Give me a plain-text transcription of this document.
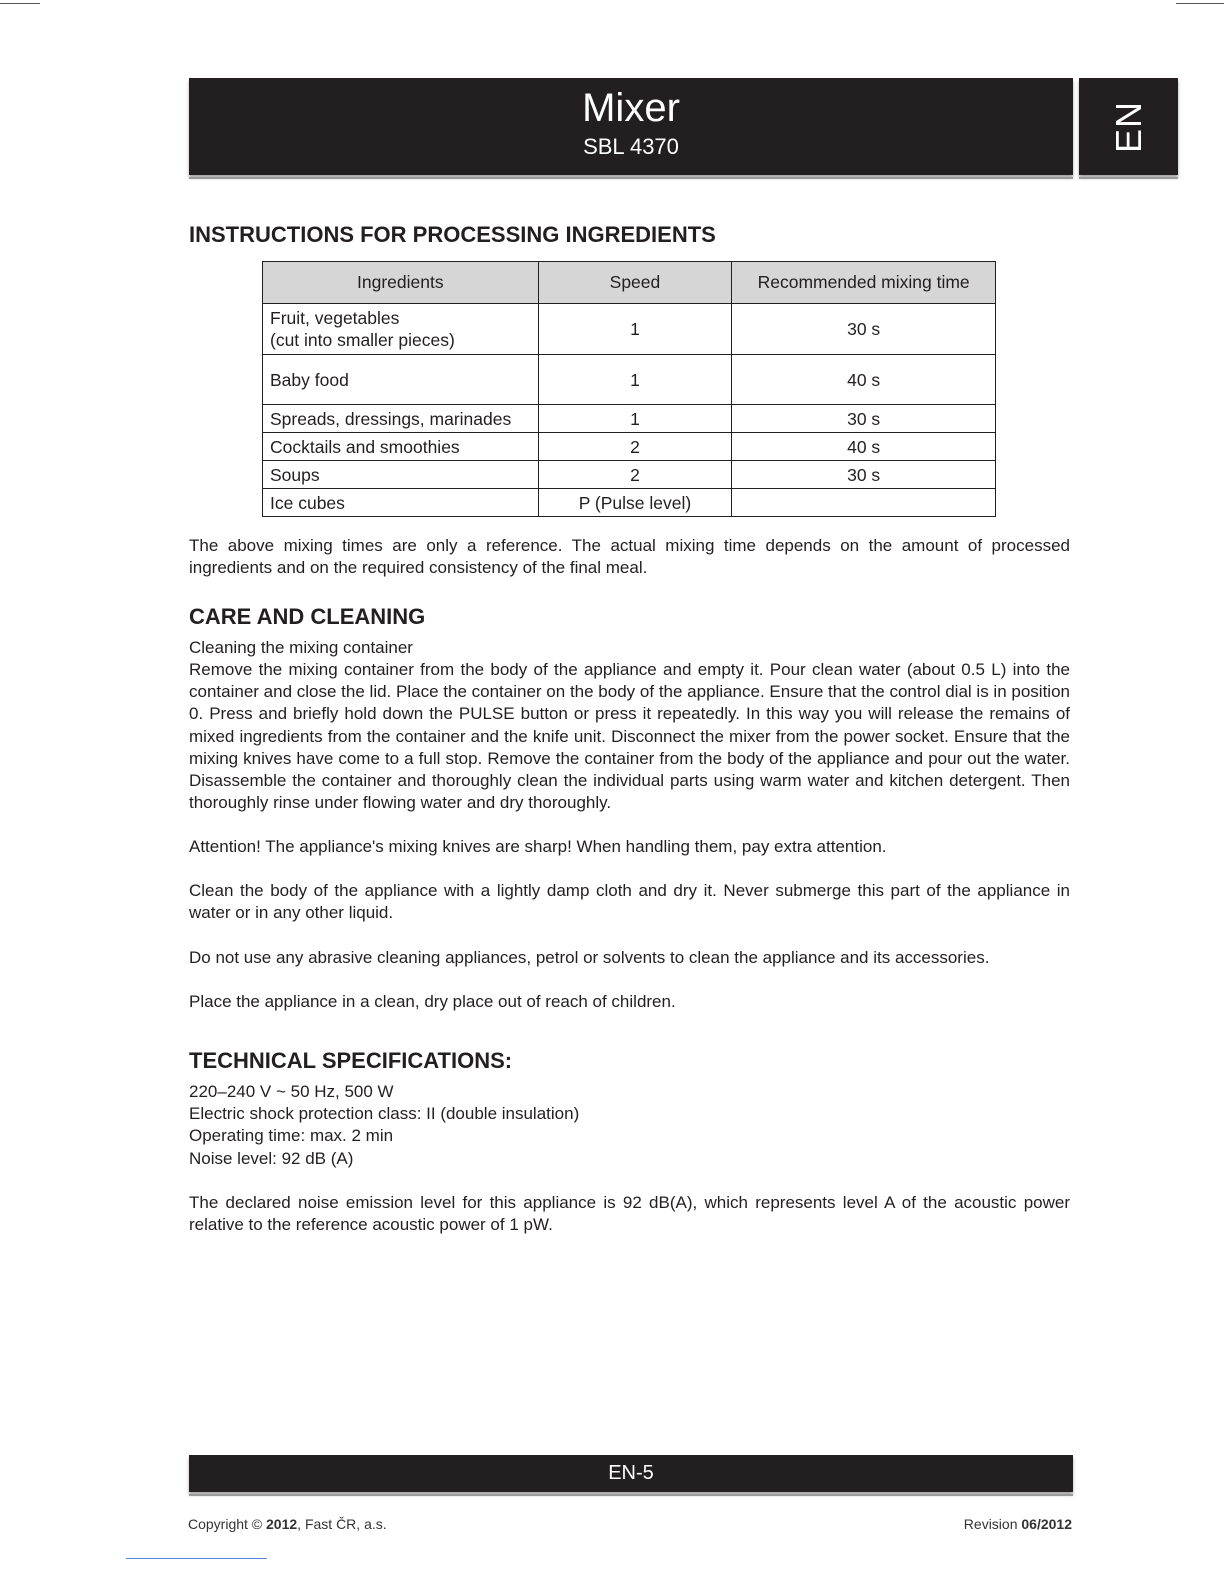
Mixer
SBL 4370	EN
INSTRUCTIONS FOR PROCESSING INGREDIENTS
Ingredients	Speed	Recommended mixing time

Fruit, vegetables
(cut into smaller pieces)	1	30 s
Baby food	1	40 s
Spreads, dressings, marinades	1	30 s
Cocktails and smoothies	2	40 s
Soups	2	30 s
Ice cubes	P (Pulse level)	
The above mixing times are only a reference. The actual mixing time depends on the amount of processed ingredients and on the required consistency of the final meal.
CARE AND CLEANING
Cleaning the mixing container
Remove the mixing container from the body of the appliance and empty it. Pour clean water (about 0.5 L) into the container and close the lid. Place the container on the body of the appliance. Ensure that the control dial is in position 0. Press and briefly hold down the PULSE button or press it repeatedly. In this way you will release the remains of mixed ingredients from the container and the knife unit. Disconnect the mixer from the power socket. Ensure that the mixing knives have come to a full stop. Remove the container from the body of the appliance and pour out the water. Disassemble the container and thoroughly clean the individual parts using warm water and kitchen detergent. Then thoroughly rinse under flowing water and dry thoroughly.
Attention! The appliance's mixing knives are sharp! When handling them, pay extra attention.
Clean the body of the appliance with a lightly damp cloth and dry it. Never submerge this part of the appliance in water or in any other liquid.
Do not use any abrasive cleaning appliances, petrol or solvents to clean the appliance and its accessories.
Place the appliance in a clean, dry place out of reach of children.
TECHNICAL SPECIFICATIONS:
220–240 V ~ 50 Hz, 500 W
Electric shock protection class: II (double insulation)
Operating time: max. 2 min
Noise level: 92 dB (A)
The declared noise emission level for this appliance is 92 dB(A), which represents level A of the acoustic power relative to the reference acoustic power of 1 pW.
EN-5
Copyright © 2012, Fast ČR, a.s.	Revision 06/2012
